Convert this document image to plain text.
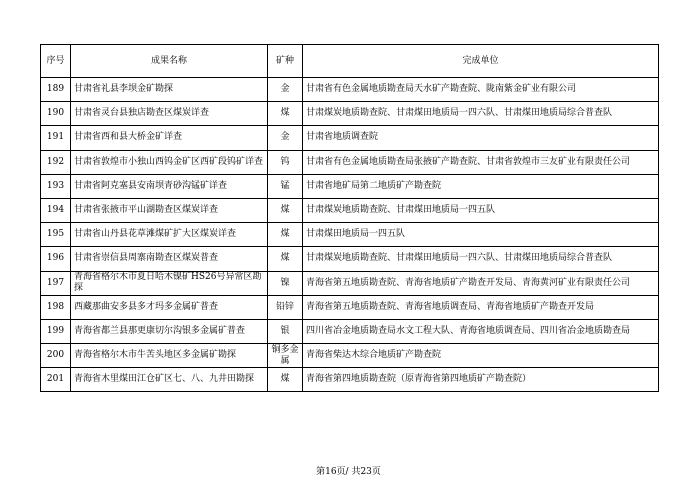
序号	成果名称	矿种	完成单位
189	甘肃省礼县李坝金矿勘探	金	甘肃省有色金属地质勘查局天水矿产勘查院、陇南紫金矿业有限公司
190	甘肃省灵台县独店勘查区煤炭详查	煤	甘肃煤炭地质勘查院、甘肃煤田地质局一四六队、甘肃煤田地质局综合普查队
191	甘肃省西和县大桥金矿详查	金	甘肃省地质调查院
192	甘肃省敦煌市小独山西钨金矿区西矿段钨矿详查	钨	甘肃省有色金属地质勘查局张掖矿产勘查院、甘肃省敦煌市三友矿业有限责任公司
193	甘肃省阿克塞县安南坝青砂沟锰矿详查	锰	甘肃省地矿局第二地质矿产勘查院
194	甘肃省张掖市平山湖勘查区煤炭详查	煤	甘肃煤炭地质勘查院、甘肃煤田地质局一四五队
195	甘肃省山丹县花草滩煤矿扩大区煤炭详查	煤	甘肃煤田地质局一四五队
196	甘肃省崇信县周寨南勘查区煤炭普查	煤	甘肃煤炭地质勘查院、甘肃煤田地质局一四六队、甘肃煤田地质局综合普查队
197	青海省格尔木市夏日哈木镍矿HS26号异常区勘探	镍	青海省第五地质勘查院、青海省地质矿产勘查开发局、青海黄河矿业有限责任公司
198	西藏那曲安多县多才玛多金属矿普查	铅锌	青海省第五地质勘查院、青海省地质调查局、青海省地质矿产勘查开发局
199	青海省都兰县那更康切尔沟银多金属矿普查	银	四川省冶金地质勘查局水文工程大队、青海省地质调查局、四川省冶金地质勘查局
200	青海省格尔木市牛苦头地区多金属矿勘探	铜多金属	青海省柴达木综合地质矿产勘查院
201	青海省木里煤田江仓矿区七、八、九井田勘探	煤	青海省第四地质勘查院（原青海省第四地质矿产勘查院）
第16页/ 共23页
